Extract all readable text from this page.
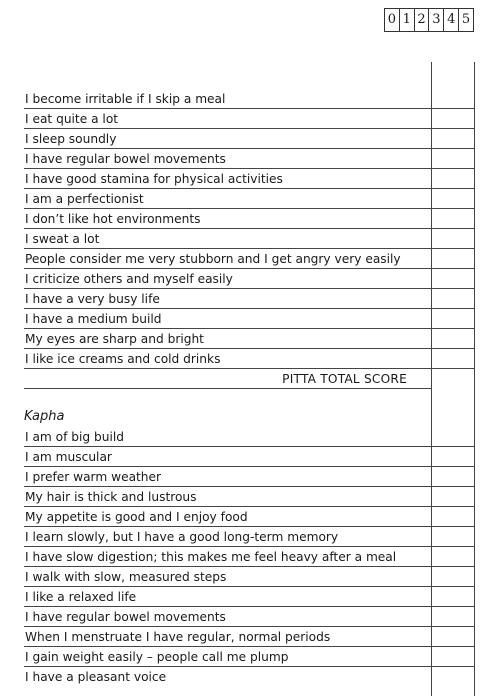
0 1 2 3 4 5
I become irritable if I skip a meal
I eat quite a lot
I sleep soundly
I have regular bowel movements
I have good stamina for physical activities
I am a perfectionist
I don’t like hot environments
I sweat a lot
People consider me very stubborn and I get angry very easily
I criticize others and myself easily
I have a very busy life
I have a medium build
My eyes are sharp and bright
I like ice creams and cold drinks
PITTA TOTAL SCORE
Kapha
I am of big build
I am muscular
I prefer warm weather
My hair is thick and lustrous
My appetite is good and I enjoy food
I learn slowly, but I have a good long-term memory
I have slow digestion; this makes me feel heavy after a meal
I walk with slow, measured steps
I like a relaxed life
I have regular bowel movements
When I menstruate I have regular, normal periods
I gain weight easily – people call me plump
I have a pleasant voice
